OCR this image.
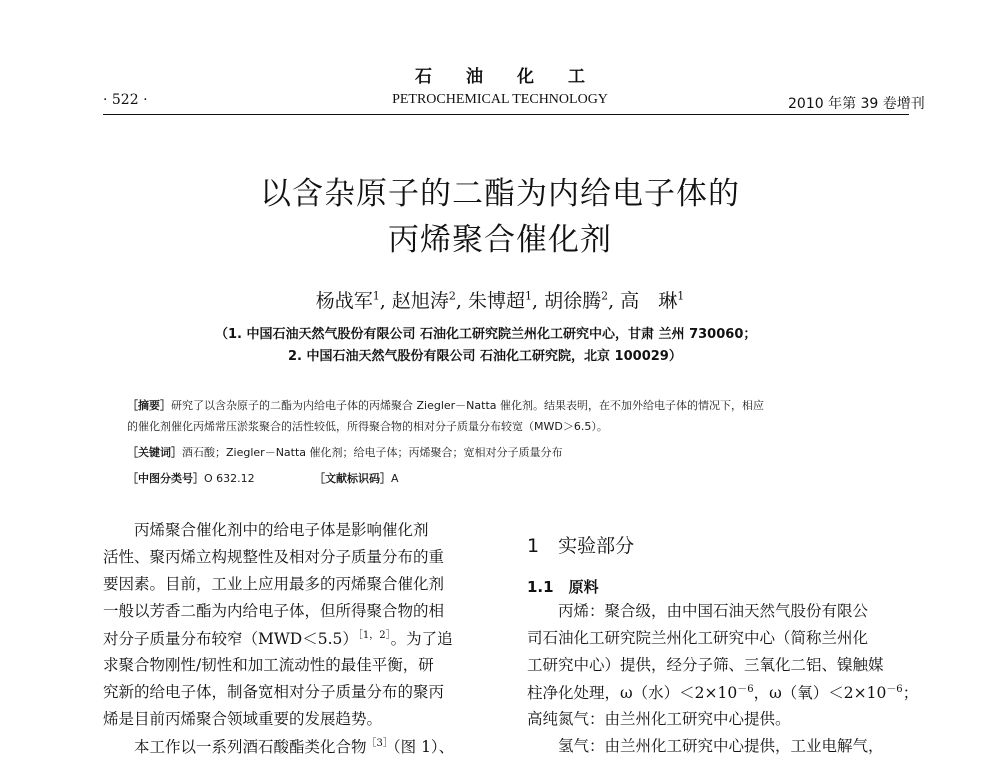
石油化工
· 522 ·	PETROCHEMICAL TECHNOLOGY	2010 年第 39 卷增刊
以含杂原子的二酯为内给电子体的
丙烯聚合催化剂
杨战军$^1$, 赵旭涛$^2$, 朱博超$^1$, 胡徐腾$^2$, 高　琳$^1$
（1. 中国石油天然气股份有限公司 石油化工研究院兰州化工研究中心，甘肃 兰州 730060；
2. 中国石油天然气股份有限公司 石油化工研究院，北京 100029）
［摘要］研究了以含杂原子的二酯为内给电子体的丙烯聚合 Ziegler－Natta 催化剂。结果表明，在不加外给电子体的情况下，相应
的催化剂催化丙烯常压淤浆聚合的活性较低，所得聚合物的相对分子质量分布较宽（MWD＞6.5）。
［关键词］酒石酸；Ziegler－Natta 催化剂；给电子体；丙烯聚合；宽相对分子质量分布
［中图分类号］O 632.12	［文献标识码］A
　　丙烯聚合催化剂中的给电子体是影响催化剂
活性、聚丙烯立构规整性及相对分子质量分布的重
要因素。目前，工业上应用最多的丙烯聚合催化剂
一般以芳香二酯为内给电子体，但所得聚合物的相
对分子质量分布较窄（MWD＜5.5）$^{[1,2]}$。为了追
求聚合物刚性/韧性和加工流动性的最佳平衡，研
究新的给电子体，制备宽相对分子质量分布的聚丙
烯是目前丙烯聚合领域重要的发展趋势。
　　本工作以一系列酒石酸酯类化合物$^{[3]}$（图 1）、
1　实验部分
1.1　原料
　　丙烯：聚合级，由中国石油天然气股份有限公
司石油化工研究院兰州化工研究中心（简称兰州化
工研究中心）提供，经分子筛、三氧化二铝、镍触媒
柱净化处理，ω（水）$<2\times 10^{-6}$，ω（氧）$<2\times 10^{-6}$；
高纯氮气：由兰州化工研究中心提供。
　　氢气：由兰州化工研究中心提供，工业电解气，
